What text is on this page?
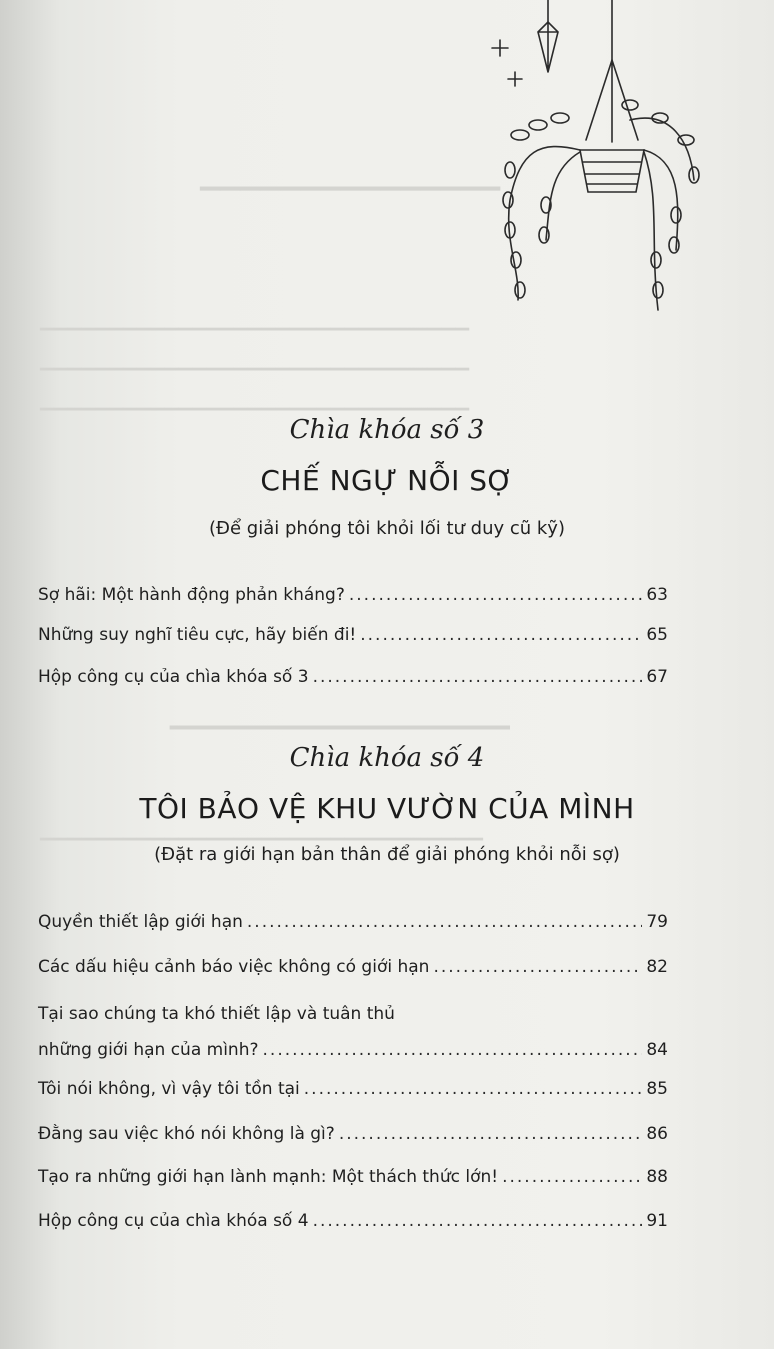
▔▔▔▔▔▔▔▔▔▔▔▔▔▔▔
▁▁▁▁▁▁▁▁▁▁▁▁▁▁▁▁▁▁▁▁▁▁▁▁▁▁▁▁▁▁▁
▁▁▁▁▁▁▁▁▁▁▁▁▁▁▁▁▁▁▁▁▁▁▁▁▁▁▁▁▁▁▁
▁▁▁▁▁▁▁▁▁▁▁▁▁▁▁▁▁▁▁▁▁▁▁▁▁▁▁▁▁▁▁
▁▁▁▁▁▁▁▁▁▁▁▁▁▁▁▁▁
▁▁▁▁▁▁▁▁▁▁▁▁▁▁▁▁▁▁▁▁▁▁▁▁▁▁▁▁▁▁▁▁
Chìa khóa số 3
CHẾ NGỰ NỖI SỢ
(Để giải phóng tôi khỏi lối tư duy cũ kỹ)
Sợ hãi: Một hành động phản kháng? .....	63
Những suy nghĩ tiêu cực, hãy biến đi! .....	65
Hộp công cụ của chìa khóa số 3 .....	67
Chìa khóa số 4
TÔI BẢO VỆ KHU VƯỜN CỦA MÌNH
(Đặt ra giới hạn bản thân để giải phóng khỏi nỗi sợ)
Quyền thiết lập giới hạn .....	79
Các dấu hiệu cảnh báo việc không có giới hạn .....	82
Tại sao chúng ta khó thiết lập và tuân thủ
những giới hạn của mình? .....	84
Tôi nói không, vì vậy tôi tồn tại .....	85
Đằng sau việc khó nói không là gì? .....	86
Tạo ra những giới hạn lành mạnh: Một thách thức lớn! .....	88
Hộp công cụ của chìa khóa số 4 .....	91
